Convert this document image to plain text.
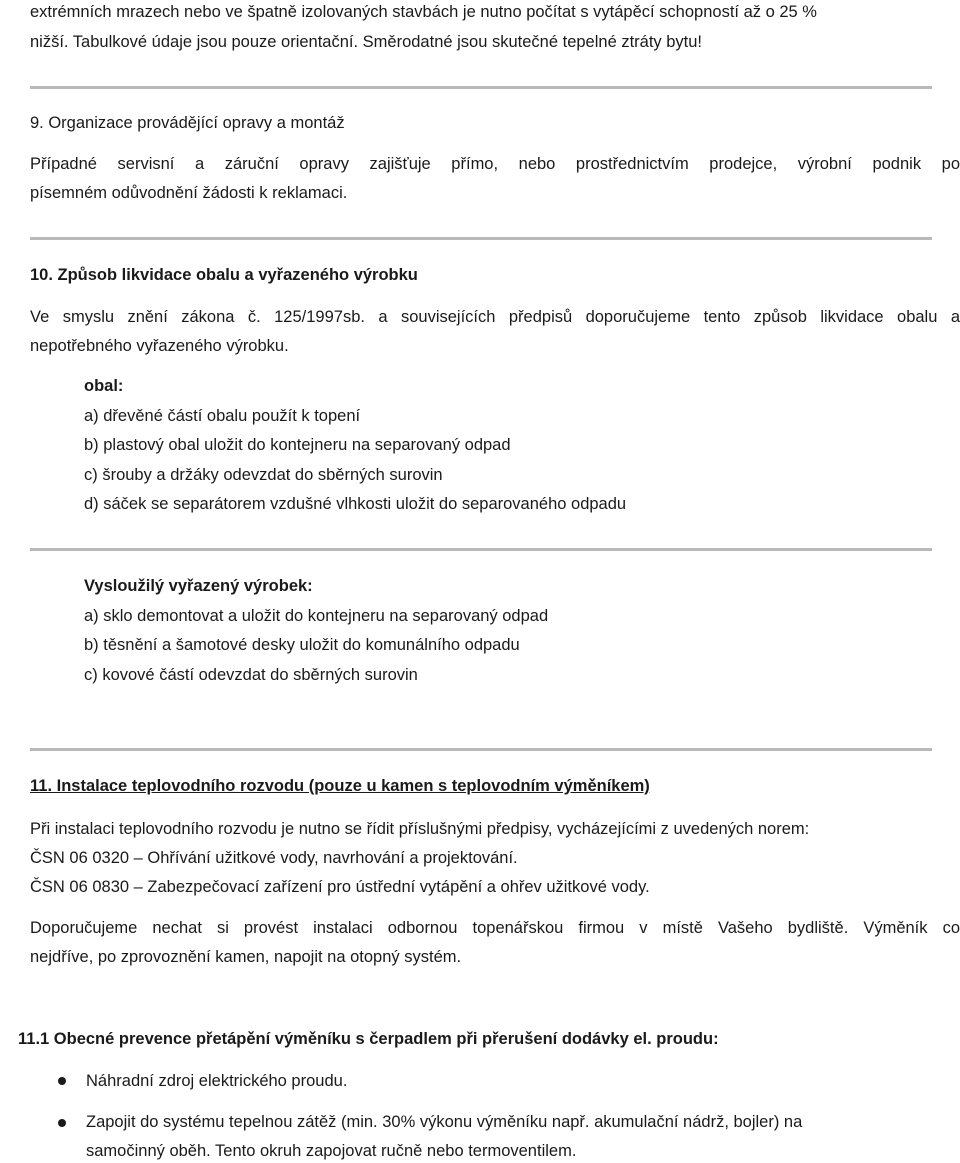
extrémních mrazech nebo ve špatně izolovaných stavbách je nutno počítat s vytápěcí schopností až o 25 %
nižší. Tabulkové údaje jsou pouze orientační. Směrodatné jsou skutečné tepelné ztráty bytu!
9. Organizace provádějící opravy a montáž
Případné servisní a záruční opravy zajišťuje přímo, nebo prostřednictvím prodejce, výrobní podnik po
písemném odůvodnění žádosti k reklamaci.
10. Způsob likvidace obalu a vyřazeného výrobku
Ve smyslu znění zákona č. 125/1997sb. a souvisejících předpisů doporučujeme tento způsob likvidace obalu a
nepotřebného vyřazeného výrobku.
obal:
a) dřevěné částí obalu použít k topení
b) plastový obal uložit do kontejneru na separovaný odpad
c) šrouby a držáky odevzdat do sběrných surovin
d) sáček se separátorem vzdušné vlhkosti uložit do separovaného odpadu
Vysloužilý vyřazený výrobek:
a) sklo demontovat a uložit do kontejneru na separovaný odpad
b) těsnění a šamotové desky uložit do komunálního odpadu
c) kovové částí odevzdat do sběrných surovin
11. Instalace teplovodního rozvodu (pouze u kamen s teplovodním výměníkem)
Při instalaci teplovodního rozvodu je nutno se řídit příslušnými předpisy, vycházejícími z uvedených norem:
ČSN 06 0320 – Ohřívání užitkové vody, navrhování a projektování.
ČSN 06 0830 – Zabezpečovací zařízení pro ústřední vytápění a ohřev užitkové vody.
Doporučujeme nechat si provést instalaci odbornou topenářskou firmou v místě Vašeho bydliště. Výměník co
nejdříve, po zprovoznění kamen, napojit na otopný systém.
11.1 Obecné prevence přetápění výměníku s čerpadlem při přerušení dodávky el. proudu:
Náhradní zdroj elektrického proudu.
Zapojit do systému tepelnou zátěž (min. 30% výkonu výměníku např. akumulační nádrž, bojler) na
samočinný oběh. Tento okruh zapojovat ručně nebo termoventilem.
